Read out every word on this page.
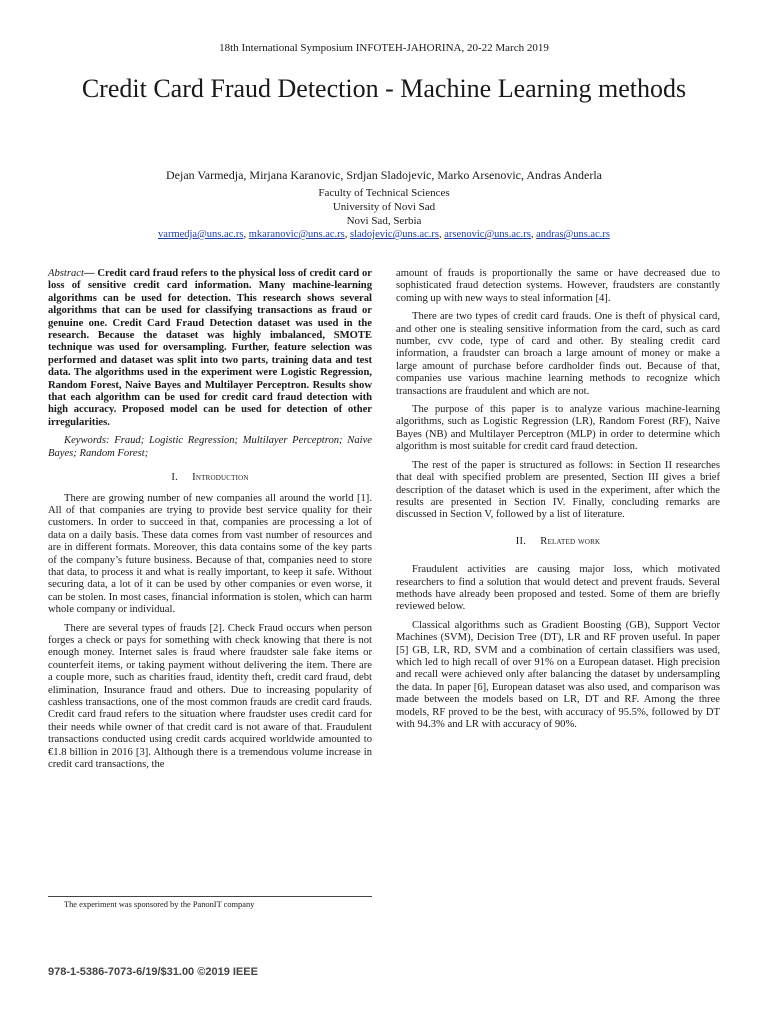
18th International Symposium INFOTEH-JAHORINA, 20-22 March 2019
Credit Card Fraud Detection - Machine Learning methods
Dejan Varmedja, Mirjana Karanovic, Srdjan Sladojevic, Marko Arsenovic, Andras Anderla
Faculty of Technical Sciences
University of Novi Sad
Novi Sad, Serbia
varmedja@uns.ac.rs, mkaranovic@uns.ac.rs, sladojevic@uns.ac.rs, arsenovic@uns.ac.rs, andras@uns.ac.rs

Abstract— Credit card fraud refers to the physical loss of credit card or loss of sensitive credit card information. Many machine-learning algorithms can be used for detection. This research shows several algorithms that can be used for classifying transactions as fraud or genuine one. Credit Card Fraud Detection dataset was used in the research. Because the dataset was highly imbalanced, SMOTE technique was used for oversampling. Further, feature selection was performed and dataset was split into two parts, training data and test data. The algorithms used in the experiment were Logistic Regression, Random Forest, Naive Bayes and Multilayer Perceptron. Results show that each algorithm can be used for credit card fraud detection with high accuracy. Proposed model can be used for detection of other irregularities.

Keywords: Fraud; Logistic Regression; Multilayer Perceptron; Naive Bayes; Random Forest;

I. Introduction

There are growing number of new companies all around the world [1]. All of that companies are trying to provide best service quality for their customers. In order to succeed in that, companies are processing a lot of data on a daily basis. These data comes from vast number of resources and are in different formats. Moreover, this data contains some of the key parts of the company’s future business. Because of that, companies need to store that data, to process it and what is really important, to keep it safe. Without securing data, a lot of it can be used by other companies or even worse, it can be stolen. In most cases, financial information is stolen, which can harm whole company or individual.

There are several types of frauds [2]. Check Fraud occurs when person forges a check or pays for something with check knowing that there is not enough money. Internet sales is fraud where fraudster sale fake items or counterfeit items, or taking payment without delivering the item. There are a couple more, such as charities fraud, identity theft, credit card fraud, debt elimination, Insurance fraud and others. Due to increasing popularity of cashless transactions, one of the most common frauds are credit card frauds. Credit card fraud refers to the situation where fraudster uses credit card for their needs while owner of that credit card is not aware of that. Fraudulent transactions conducted using credit cards acquired worldwide amounted to €1.8 billion in 2016 [3]. Although there is a tremendous volume increase in credit card transactions, the

amount of frauds is proportionally the same or have decreased due to sophisticated fraud detection systems. However, fraudsters are constantly coming up with new ways to steal information [4].

There are two types of credit card frauds. One is theft of physical card, and other one is stealing sensitive information from the card, such as card number, cvv code, type of card and other. By stealing credit card information, a fraudster can broach a large amount of money or make a large amount of purchase before cardholder finds out. Because of that, companies use various machine learning methods to recognize which transactions are fraudulent and which are not.

The purpose of this paper is to analyze various machine-learning algorithms, such as Logistic Regression (LR), Random Forest (RF), Naive Bayes (NB) and Multilayer Perceptron (MLP) in order to determine which algorithm is most suitable for credit card fraud detection.

The rest of the paper is structured as follows: in Section II researches that deal with specified problem are presented, Section III gives a brief description of the dataset which is used in the experiment, after which the results are presented in Section IV. Finally, concluding remarks are discussed in Section V, followed by a list of literature.

II. Related work

Fraudulent activities are causing major loss, which motivated researchers to find a solution that would detect and prevent frauds. Several methods have already been proposed and tested. Some of them are briefly reviewed below.

Classical algorithms such as Gradient Boosting (GB), Support Vector Machines (SVM), Decision Tree (DT), LR and RF proven useful. In paper [5] GB, LR, RD, SVM and a combination of certain classifiers was used, which led to high recall of over 91% on a European dataset. High precision and recall were achieved only after balancing the dataset by undersampling the data. In paper [6], European dataset was also used, and comparison was made between the models based on LR, DT and RF. Among the three models, RF proved to be the best, with accuracy of 95.5%, followed by DT with 94.3% and LR with accuracy of 90%.

The experiment was sponsored by the PanonIT company
978-1-5386-7073-6/19/$31.00 ©2019 IEEE
